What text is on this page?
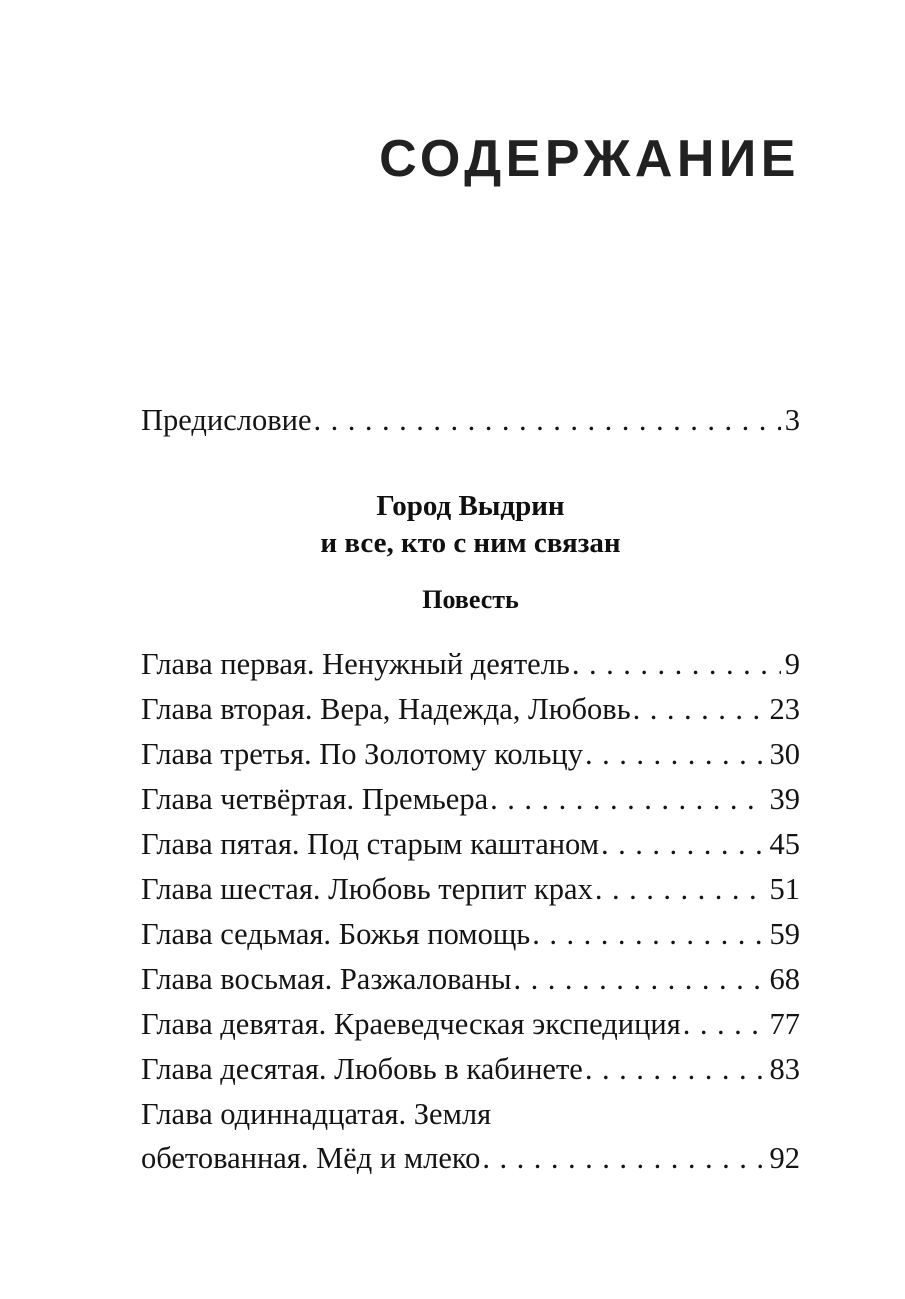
СОДЕРЖАНИЕ
Предисловие .....	3
Город Выдрин
и все, кто с ним связан
Повесть
Глава первая. Ненужный деятель .....	9
Глава вторая. Вера, Надежда, Любовь .....	23
Глава третья. По Золотому кольцу .....	30
Глава четвёртая. Премьера .....	39
Глава пятая. Под старым каштаном .....	45
Глава шестая. Любовь терпит крах .....	51
Глава седьмая. Божья помощь .....	59
Глава восьмая. Разжалованы .....	68
Глава девятая. Краеведческая экспедиция .....	77
Глава десятая. Любовь в кабинете .....	83
Глава одиннадцатая. Земля
обетованная. Мёд и млеко .....	92
